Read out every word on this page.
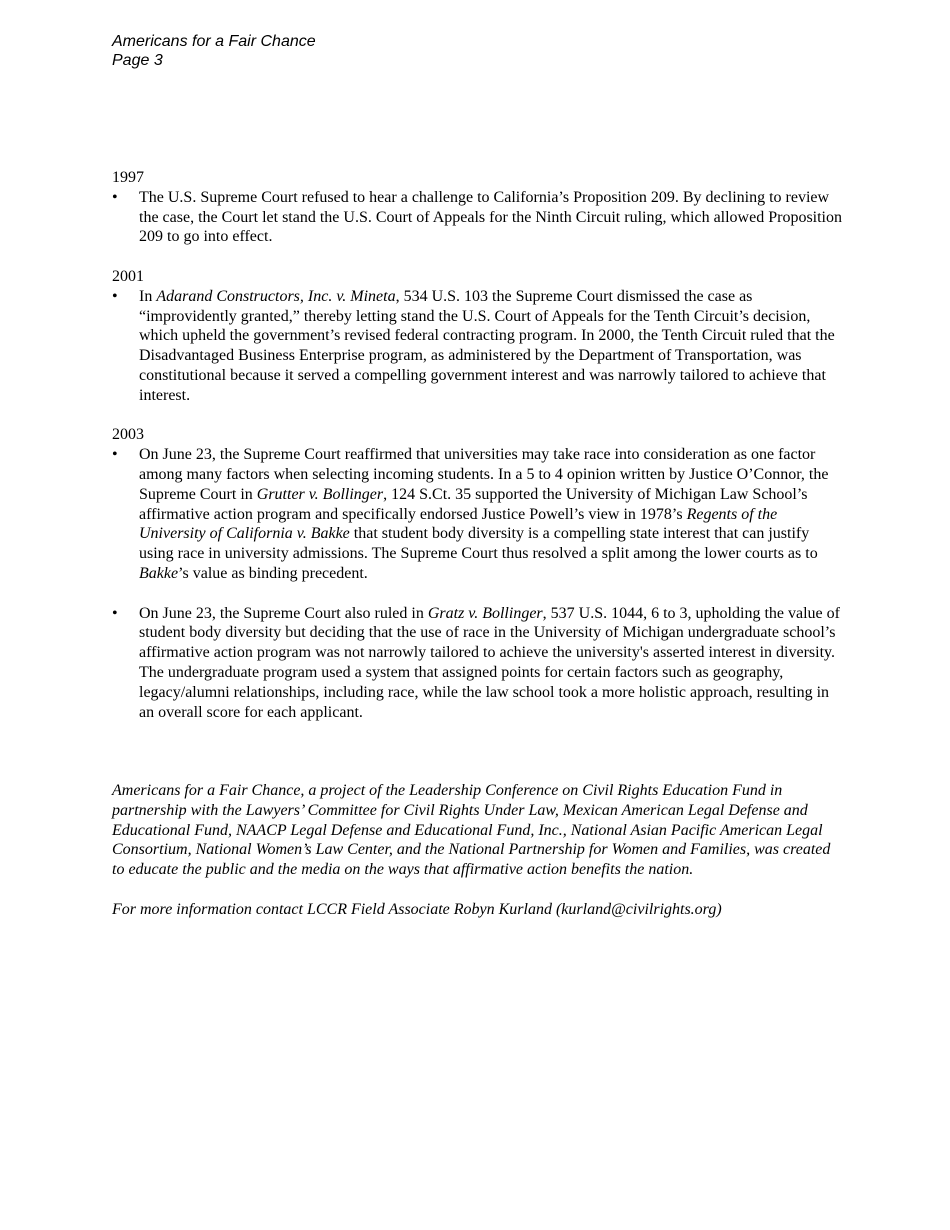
Americans for a Fair Chance
Page 3

1997

•	The U.S. Supreme Court refused to hear a challenge to California’s Proposition 209. By declining to review the case, the Court let stand the U.S. Court of Appeals for the Ninth Circuit ruling, which allowed Proposition 209 to go into effect.

2001

•	In Adarand Constructors, Inc. v. Mineta, 534 U.S. 103 the Supreme Court dismissed the case as “improvidently granted,” thereby letting stand the U.S. Court of Appeals for the Tenth Circuit’s decision, which upheld the government’s revised federal contracting program. In 2000, the Tenth Circuit ruled that the Disadvantaged Business Enterprise program, as administered by the Department of Transportation, was constitutional because it served a compelling government interest and was narrowly tailored to achieve that interest.

2003

•	On June 23, the Supreme Court reaffirmed that universities may take race into consideration as one factor among many factors when selecting incoming students. In a 5 to 4 opinion written by Justice O’Connor, the Supreme Court in Grutter v. Bollinger, 124 S.Ct. 35 supported the University of Michigan Law School’s affirmative action program and specifically endorsed Justice Powell’s view in 1978’s Regents of the University of California v. Bakke that student body diversity is a compelling state interest that can justify using race in university admissions. The Supreme Court thus resolved a split among the lower courts as to Bakke’s value as binding precedent.

•	On June 23, the Supreme Court also ruled in Gratz v. Bollinger, 537 U.S. 1044, 6 to 3, upholding the value of student body diversity but deciding that the use of race in the University of Michigan undergraduate school’s affirmative action program was not narrowly tailored to achieve the university's asserted interest in diversity. The undergraduate program used a system that assigned points for certain factors such as geography, legacy/alumni relationships, including race, while the law school took a more holistic approach, resulting in an overall score for each applicant.

Americans for a Fair Chance, a project of the Leadership Conference on Civil Rights Education Fund in partnership with the Lawyers’ Committee for Civil Rights Under Law, Mexican American Legal Defense and Educational Fund, NAACP Legal Defense and Educational Fund, Inc., National Asian Pacific American Legal Consortium, National Women’s Law Center, and the National Partnership for Women and Families, was created to educate the public and the media on the ways that affirmative action benefits the nation.

For more information contact LCCR Field Associate Robyn Kurland (kurland@civilrights.org)
